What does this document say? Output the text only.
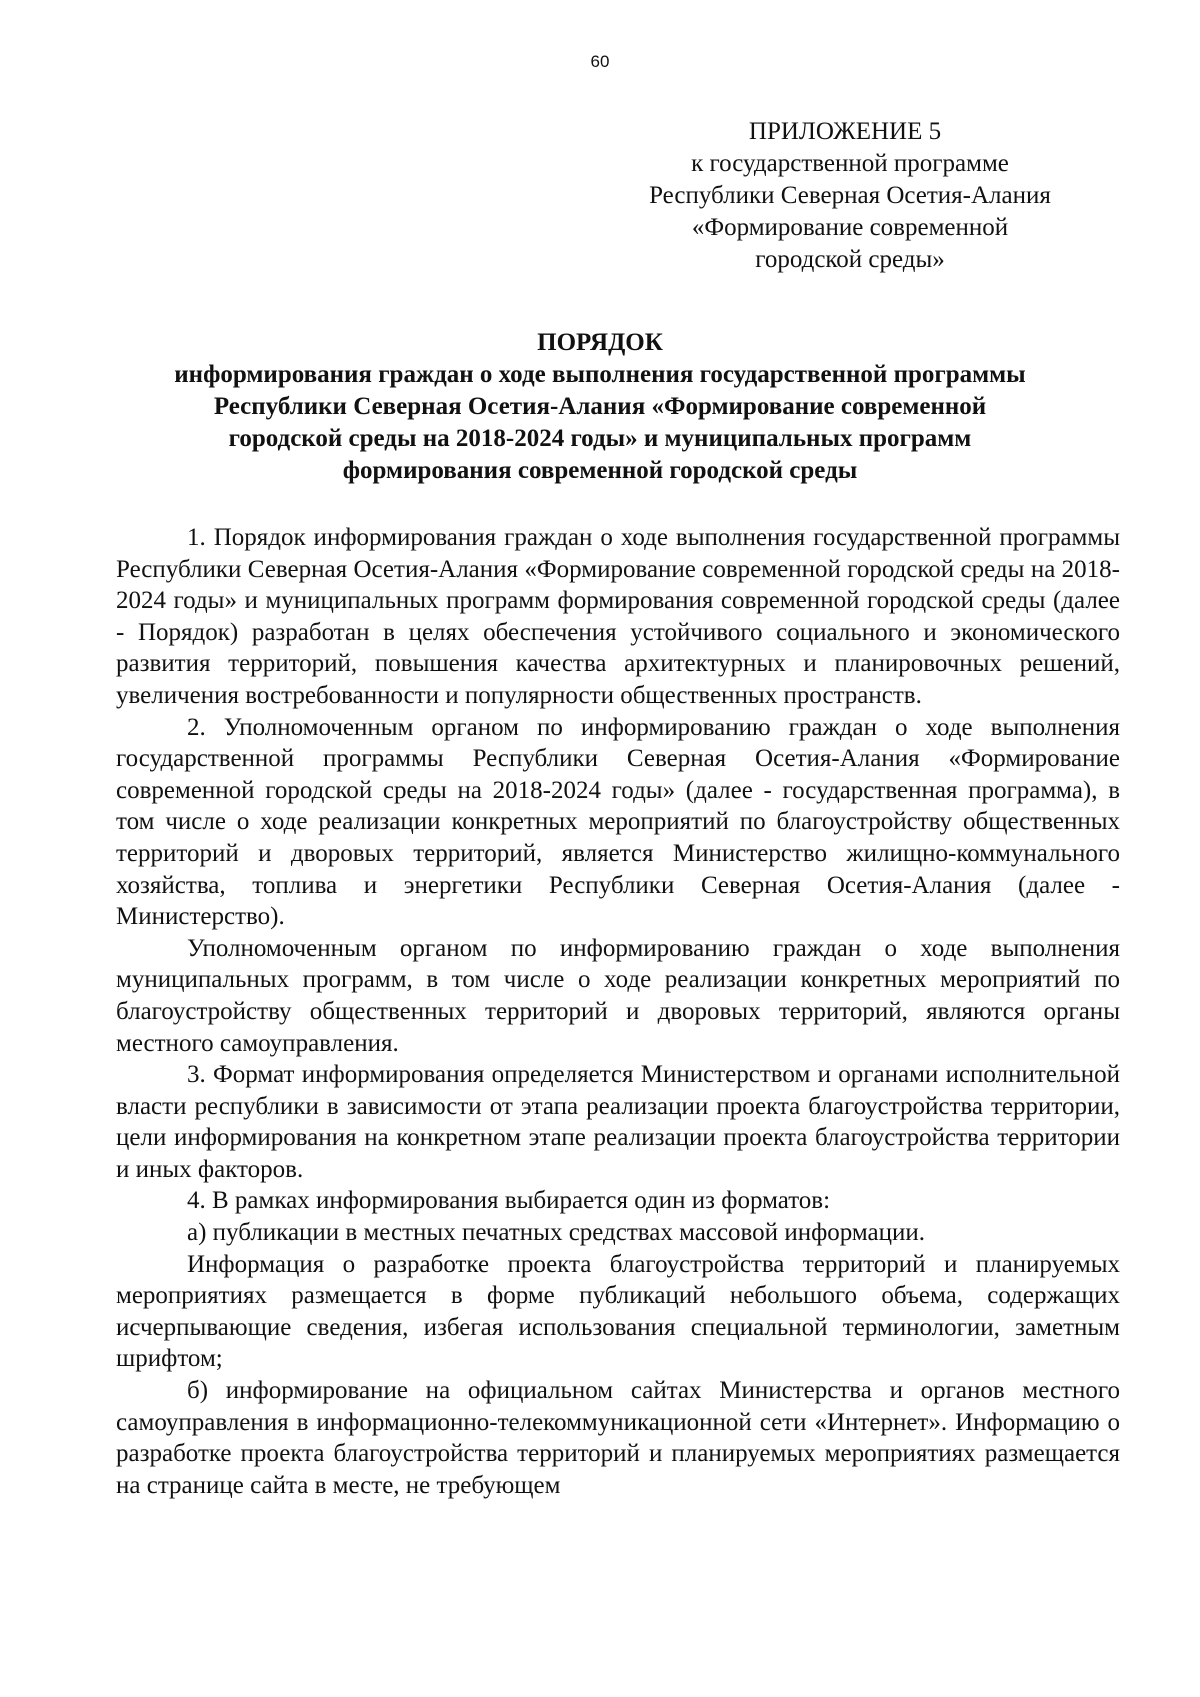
60
ПРИЛОЖЕНИЕ 5
к государственной программе
Республики Северная Осетия-Алания
«Формирование современной
городской среды»
ПОРЯДОК
информирования граждан о ходе выполнения государственной программы
Республики Северная Осетия-Алания «Формирование современной
городской среды на 2018-2024 годы» и муниципальных программ
формирования современной городской среды

1. Порядок информирования граждан о ходе выполнения государственной программы Республики Северная Осетия-Алания «Формирование современной городской среды на 2018-2024 годы» и муниципальных программ формирования современной городской среды (далее - Порядок) разработан в целях обеспечения устойчивого социального и экономического развития территорий, повышения качества архитектурных и планировочных решений, увеличения востребованности и популярности общественных пространств.

2. Уполномоченным органом по информированию граждан о ходе выполнения государственной программы Республики Северная Осетия-Алания «Формирование современной городской среды на 2018-2024 годы» (далее - государственная программа), в том числе о ходе реализации конкретных мероприятий по благоустройству общественных территорий и дворовых территорий, является Министерство жилищно-коммунального хозяйства, топлива и энергетики Республики Северная Осетия-Алания (далее - Министерство).

Уполномоченным органом по информированию граждан о ходе выполнения муниципальных программ, в том числе о ходе реализации конкретных мероприятий по благоустройству общественных территорий и дворовых территорий, являются органы местного самоуправления.

3. Формат информирования определяется Министерством и органами исполнительной власти республики в зависимости от этапа реализации проекта благоустройства территории, цели информирования на конкретном этапе реализации проекта благоустройства территории и иных факторов.

4. В рамках информирования выбирается один из форматов:

а) публикации в местных печатных средствах массовой информации.

Информация о разработке проекта благоустройства территорий и планируемых мероприятиях размещается в форме публикаций небольшого объема, содержащих исчерпывающие сведения, избегая использования специальной терминологии, заметным шрифтом;

б) информирование на официальном сайтах Министерства и органов местного самоуправления в информационно-телекоммуникационной сети «Интернет». Информацию о разработке проекта благоустройства территорий и планируемых мероприятиях размещается на странице сайта в месте, не требующем
